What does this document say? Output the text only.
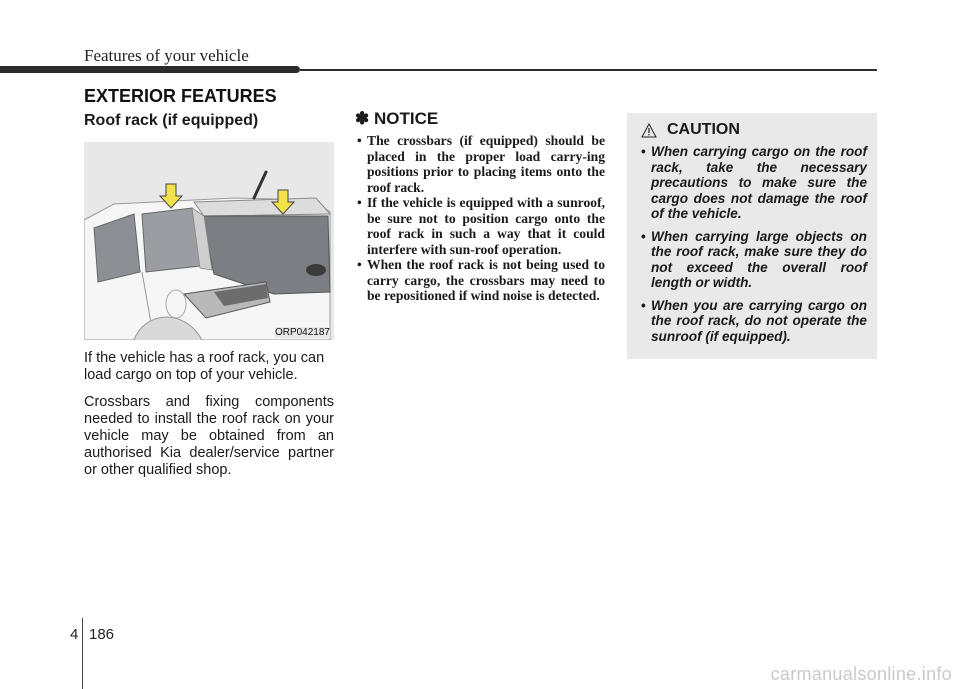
Features of your vehicle
EXTERIOR FEATURES
Roof rack (if equipped)
ORP042187

If the vehicle has a roof rack, you can load cargo on top of your vehicle.

Crossbars and fixing components needed to install the roof rack on your vehicle may be obtained from an authorised Kia dealer/service partner or other qualified shop.

✽ NOTICE
• The crossbars (if equipped) should be placed in the proper load carry-ing positions prior to placing items onto the roof rack.
• If the vehicle is equipped with a sunroof, be sure not to position cargo onto the roof rack in such a way that it could interfere with sun-roof operation.
• When the roof rack is not being used to carry cargo, the crossbars may need to be repositioned if wind noise is detected.
CAUTION
• When carrying cargo on the roof rack, take the necessary precautions to make sure the cargo does not damage the roof of the vehicle.
• When carrying large objects on the roof rack, make sure they do not exceed the overall roof length or width.
• When you are carrying cargo on the roof rack, do not operate the sunroof (if equipped).
4 186
carmanualsonline.info
